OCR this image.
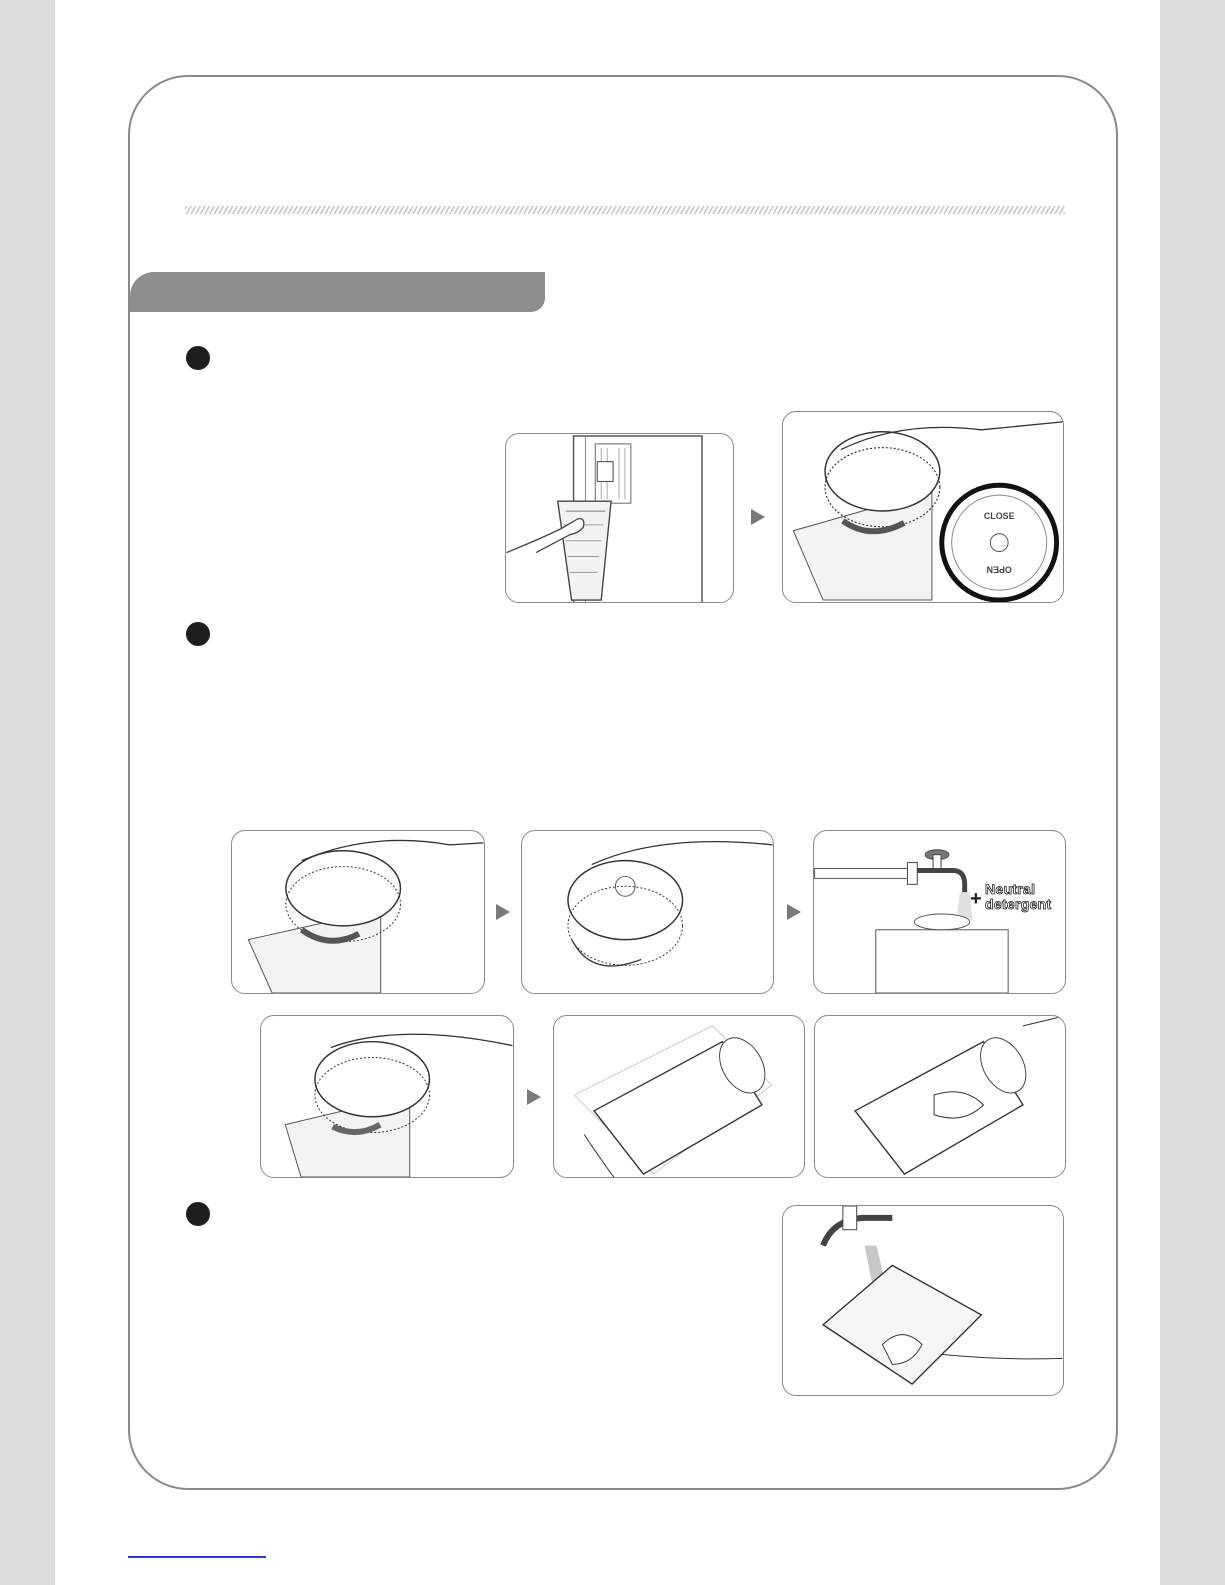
CLOSE
OPEN
+ Neutral
detergent
